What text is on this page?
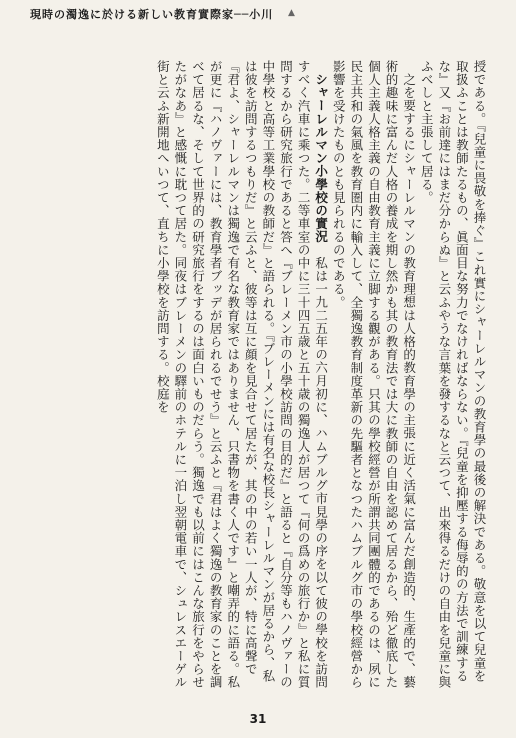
現時の濁逸に於ける新しい教育實際家──小川	▲

授である。『兒童に畏敬を捧ぐ』これ實にシャーレルマンの教育學の最後の解決である。敬意を以て兒童を取扱ふことは教師たるもの、眞面目な努力でなければならない。『兒童を抑壓する侮辱的の方法で訓練するな』又『お前達にはまだ分からぬ』と云ふやうな言葉を發するなと云つて、出來得るだけの自由を兒童に與ふべしと主張して居る。

之を要するにシャーレルマンの教育理想は人格的教育學の主張に近く活氣に富んだ創造的、生產的で、藝術的趣味に富んだ人格の養成を期し然かも其の教育法では大に教師の自由を認めて居るから、殆ど徹底した個人主義人格主義の自由教育主義に立脚する觀がある。只其の學校經營が所謂共同團體的であるのは、夙に民主共和の氣風を教育圏内に輸入して、全獨逸教育制度革新の先驅者となつたハムブルグ市の學校經營から影響を受けたものとも見られるのである。

シャーレルマン小學校の實況　私は一九二五年の六月初に、ハムブルグ市見學の序を以て彼の學校を訪問すべく汽車に乘つた。二等車室の中に三十四五歳と五十歳の獨逸人が居つて『何の爲めの旅行か』と私に質問するから研究旅行であると答へ『ブレーメン市の小學校訪問の目的だ』と語ると『自分等もハノヴァーの中學校と高等工業學校の教師だ』と語られる。『ブレーメンには有名な校長シャーレルマンが居るから、私は彼を訪問するつもりだ』と云ふと、彼等は互に顔を見合せて居たが、其の中の若い一人が、特に高聲で『君よ、シャーレルマンは獨逸で有名な教育家ではありません、只書物を書く人です』と嘲弄的に語る。私が更に『ハノヴァーには、教育學者ブッデが居られるでせう』と云ふと『君はよく獨逸の教育家のことを調べて居るな、そして世界的の研究旅行をするのは面白いものだらう。獨逸でも以前にはこんな旅行をやらせたがなあ』と感慨に耽つて居た。同夜はブレーメンの驛前のホテルに一泊し翌朝電車で、シュレスエーゲル街と云ふ新開地へいつて、直ちに小學校を訪問する。校庭を

31
